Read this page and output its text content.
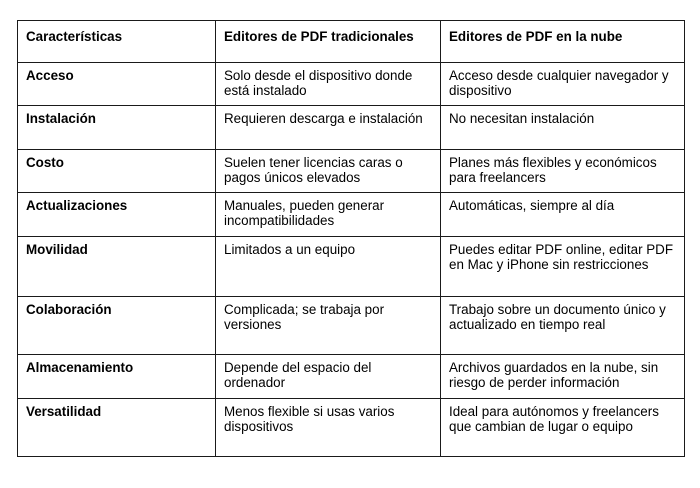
Características	Editores de PDF tradicionales	Editores de PDF en la nube
Acceso	Solo desde el dispositivo donde está instalado	Acceso desde cualquier navegador y dispositivo
Instalación	Requieren descarga e instalación	No necesitan instalación
Costo	Suelen tener licencias caras o pagos únicos elevados	Planes más flexibles y económicos para freelancers
Actualizaciones	Manuales, pueden generar incompatibilidades	Automáticas, siempre al día
Movilidad	Limitados a un equipo	Puedes editar PDF online, editar PDF en Mac y iPhone sin restricciones
Colaboración	Complicada; se trabaja por versiones	Trabajo sobre un documento único y actualizado en tiempo real
Almacenamiento	Depende del espacio del ordenador	Archivos guardados en la nube, sin riesgo de perder información
Versatilidad	Menos flexible si usas varios dispositivos	Ideal para autónomos y freelancers que cambian de lugar o equipo
